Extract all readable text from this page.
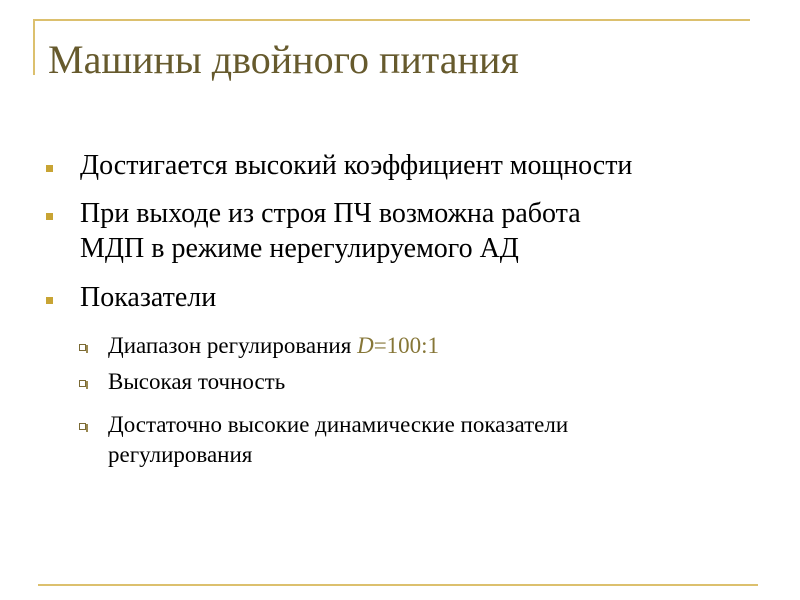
Машины двойного питания
Достигается высокий коэффициент мощности
При выходе из строя ПЧ возможна работа
МДП в режиме нерегулируемого АД
Показатели
Диапазон регулирования D=100:1
Высокая точность
Достаточно высокие динамические показатели
регулирования
